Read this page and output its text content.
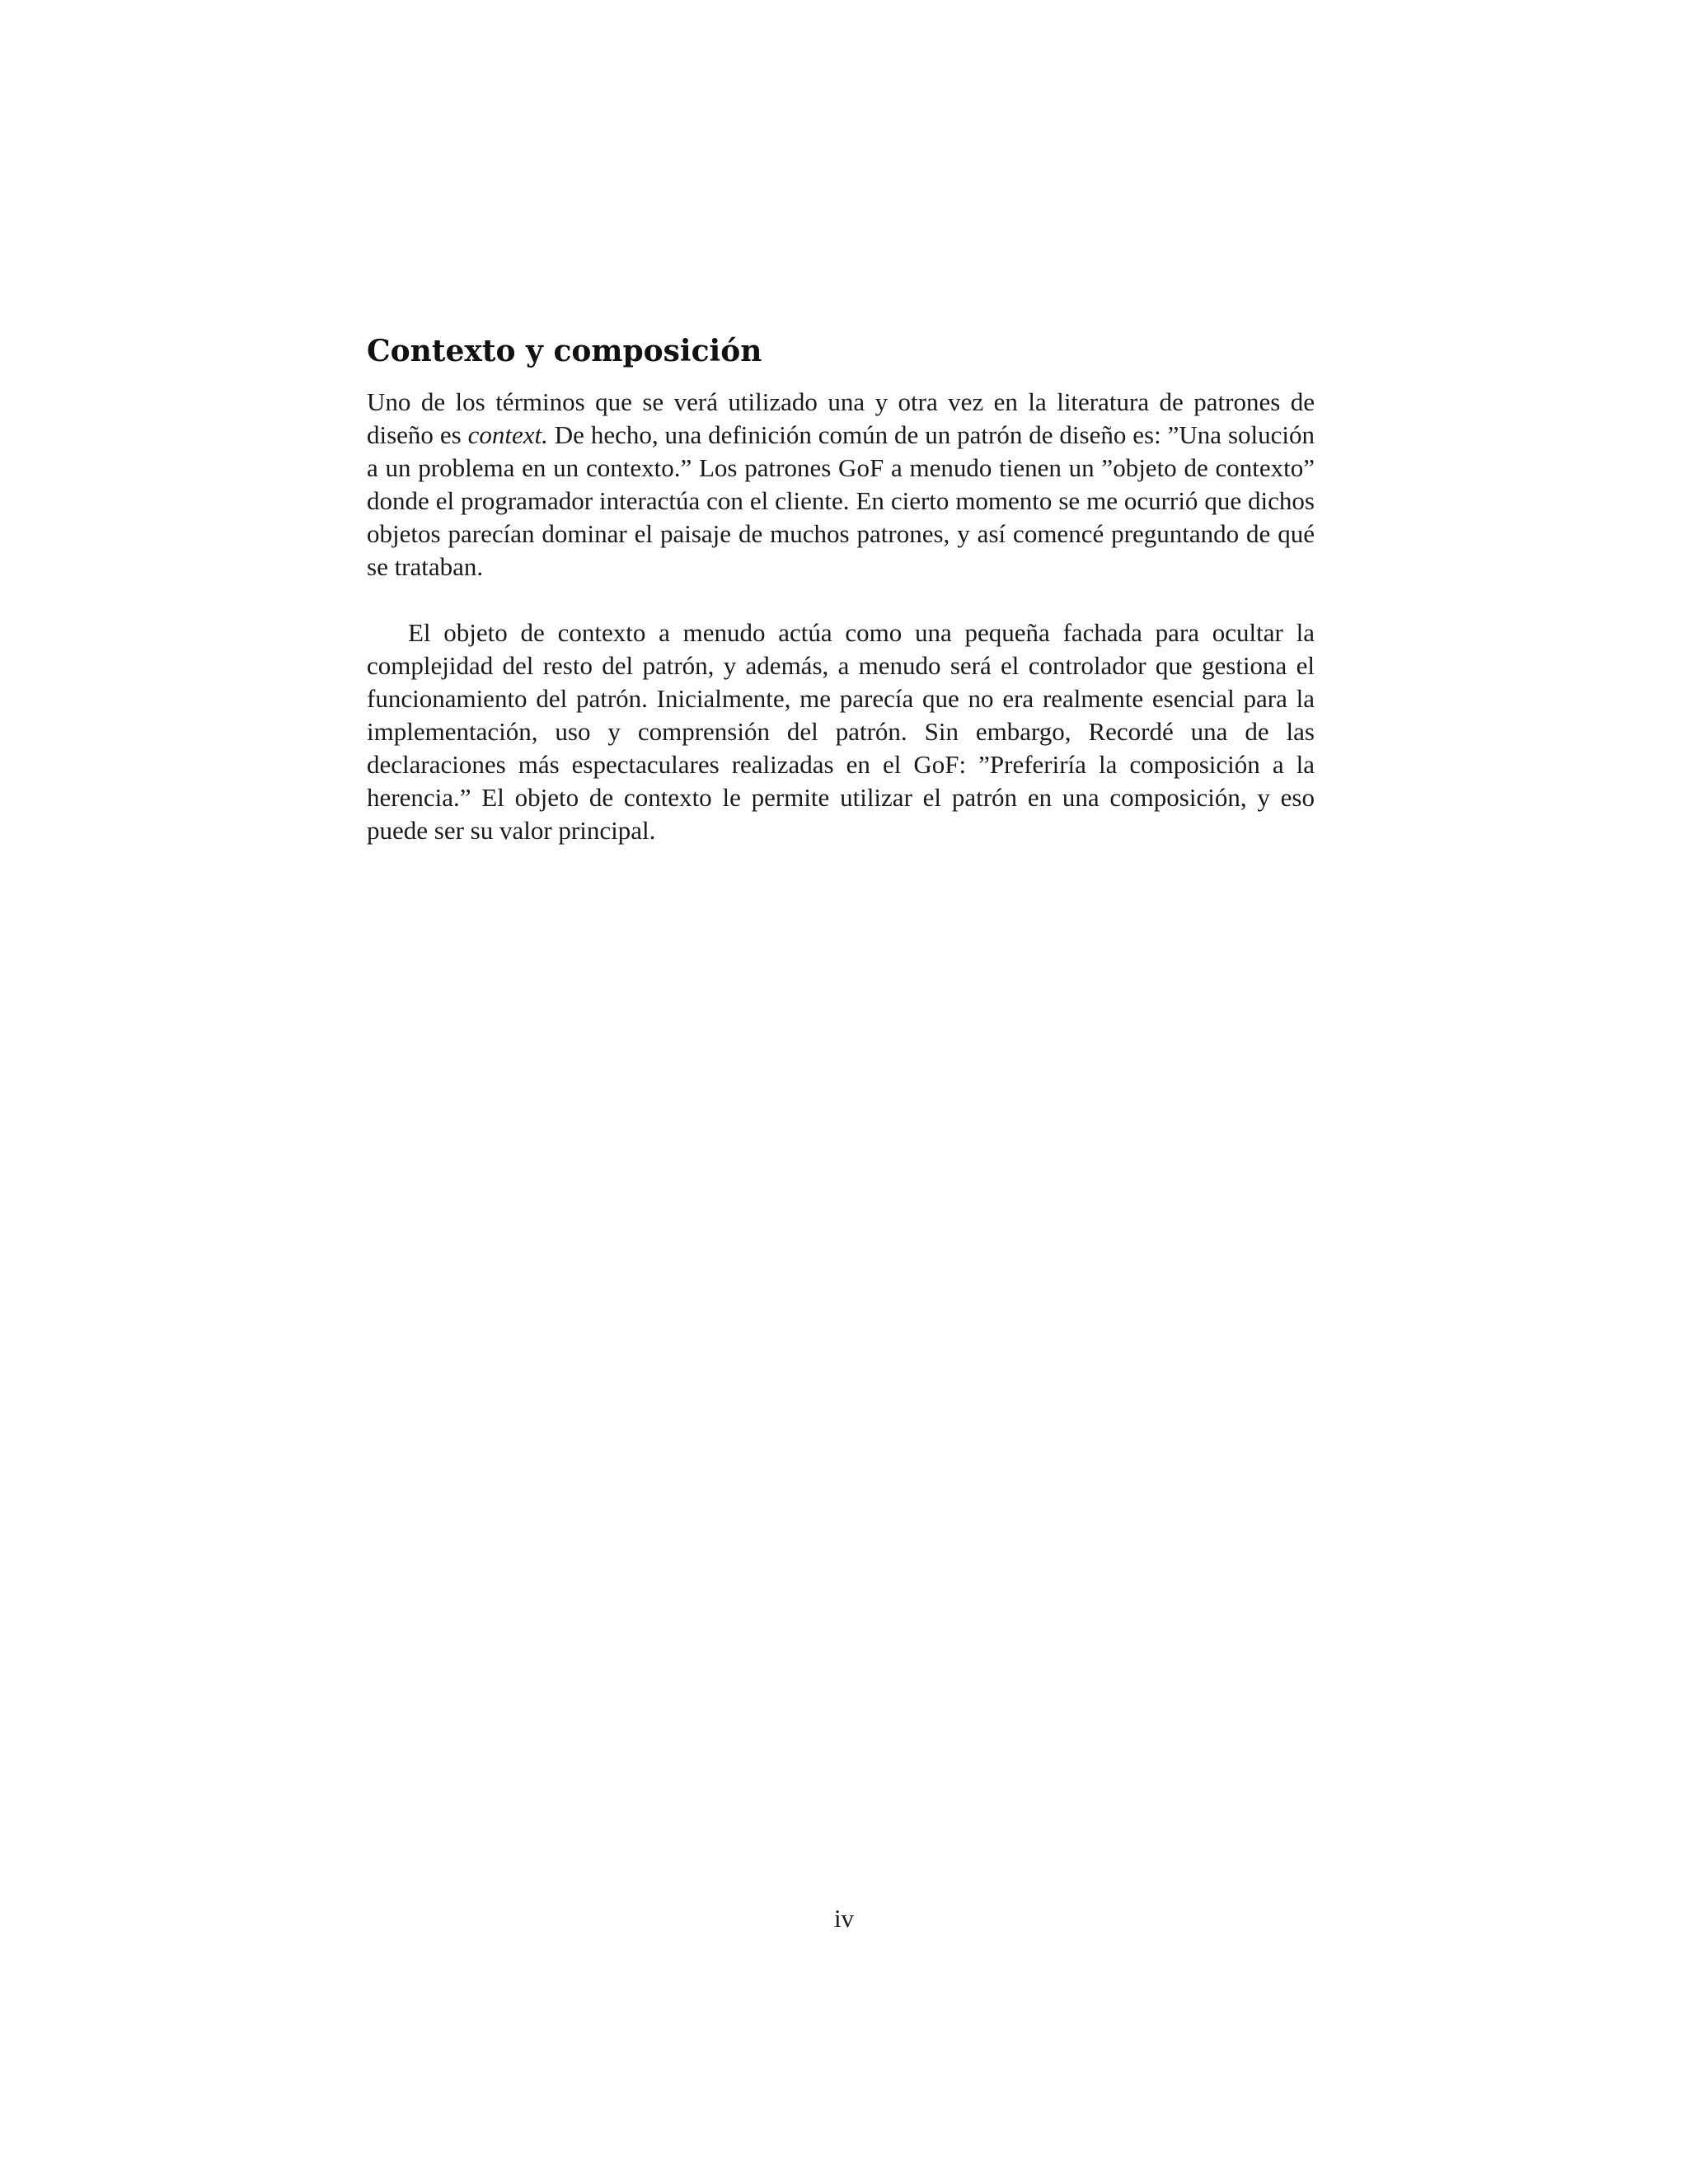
Contexto y composición

Uno de los términos que se verá utilizado una y otra vez en la literatura de patrones de diseño es context. De hecho, una definición común de un patrón de diseño es: ”Una solución a un problema en un contexto.” Los patrones GoF a menudo tienen un ”objeto de contexto” donde el programador interactúa con el cliente. En cierto momento se me ocurrió que dichos objetos parecían dominar el paisaje de muchos patrones, y así comencé preguntando de qué se trataban.

El objeto de contexto a menudo actúa como una pequeña fachada para ocultar la complejidad del resto del patrón, y además, a menudo será el controlador que gestiona el funcionamiento del patrón. Inicialmente, me parecía que no era realmente esencial para la implementación, uso y comprensión del patrón. Sin embargo, Recordé una de las declaraciones más espectaculares realizadas en el GoF: ”Preferiría la composición a la herencia.” El objeto de contexto le permite utilizar el patrón en una composición, y eso puede ser su valor principal.

iv
